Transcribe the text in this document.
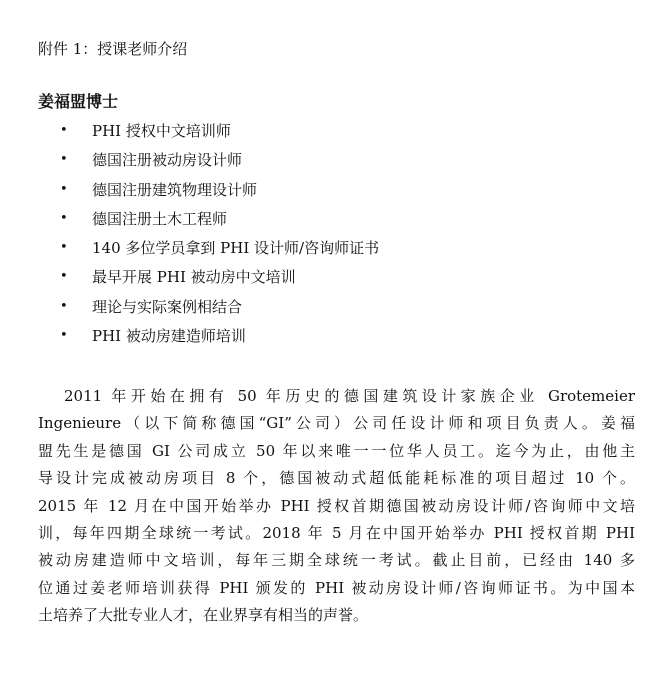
附件 1：授课老师介绍
姜福盟博士
•	PHI 授权中文培训师
•	德国注册被动房设计师
•	德国注册建筑物理设计师
•	德国注册土木工程师
•	140 多位学员拿到 PHI 设计师/咨询师证书
•	最早开展 PHI 被动房中文培训
•	理论与实际案例相结合
•	PHI 被动房建造师培训
2011 年开始在拥有 50 年历史的德国建筑设计家族企业 Grotemeier
Ingenieure（以下简称德国“GI”公司）公司任设计师和项目负责人。姜福
盟先生是德国 GI 公司成立 50 年以来唯一一位华人员工。迄今为止，由他主
导设计完成被动房项目 8 个，德国被动式超低能耗标准的项目超过 10 个。
2015 年 12 月在中国开始举办 PHI 授权首期德国被动房设计师/咨询师中文培
训，每年四期全球统一考试。2018 年 5 月在中国开始举办 PHI 授权首期 PHI
被动房建造师中文培训，每年三期全球统一考试。截止目前，已经由 140 多
位通过姜老师培训获得 PHI 颁发的 PHI 被动房设计师/咨询师证书。为中国本
土培养了大批专业人才，在业界享有相当的声誉。
